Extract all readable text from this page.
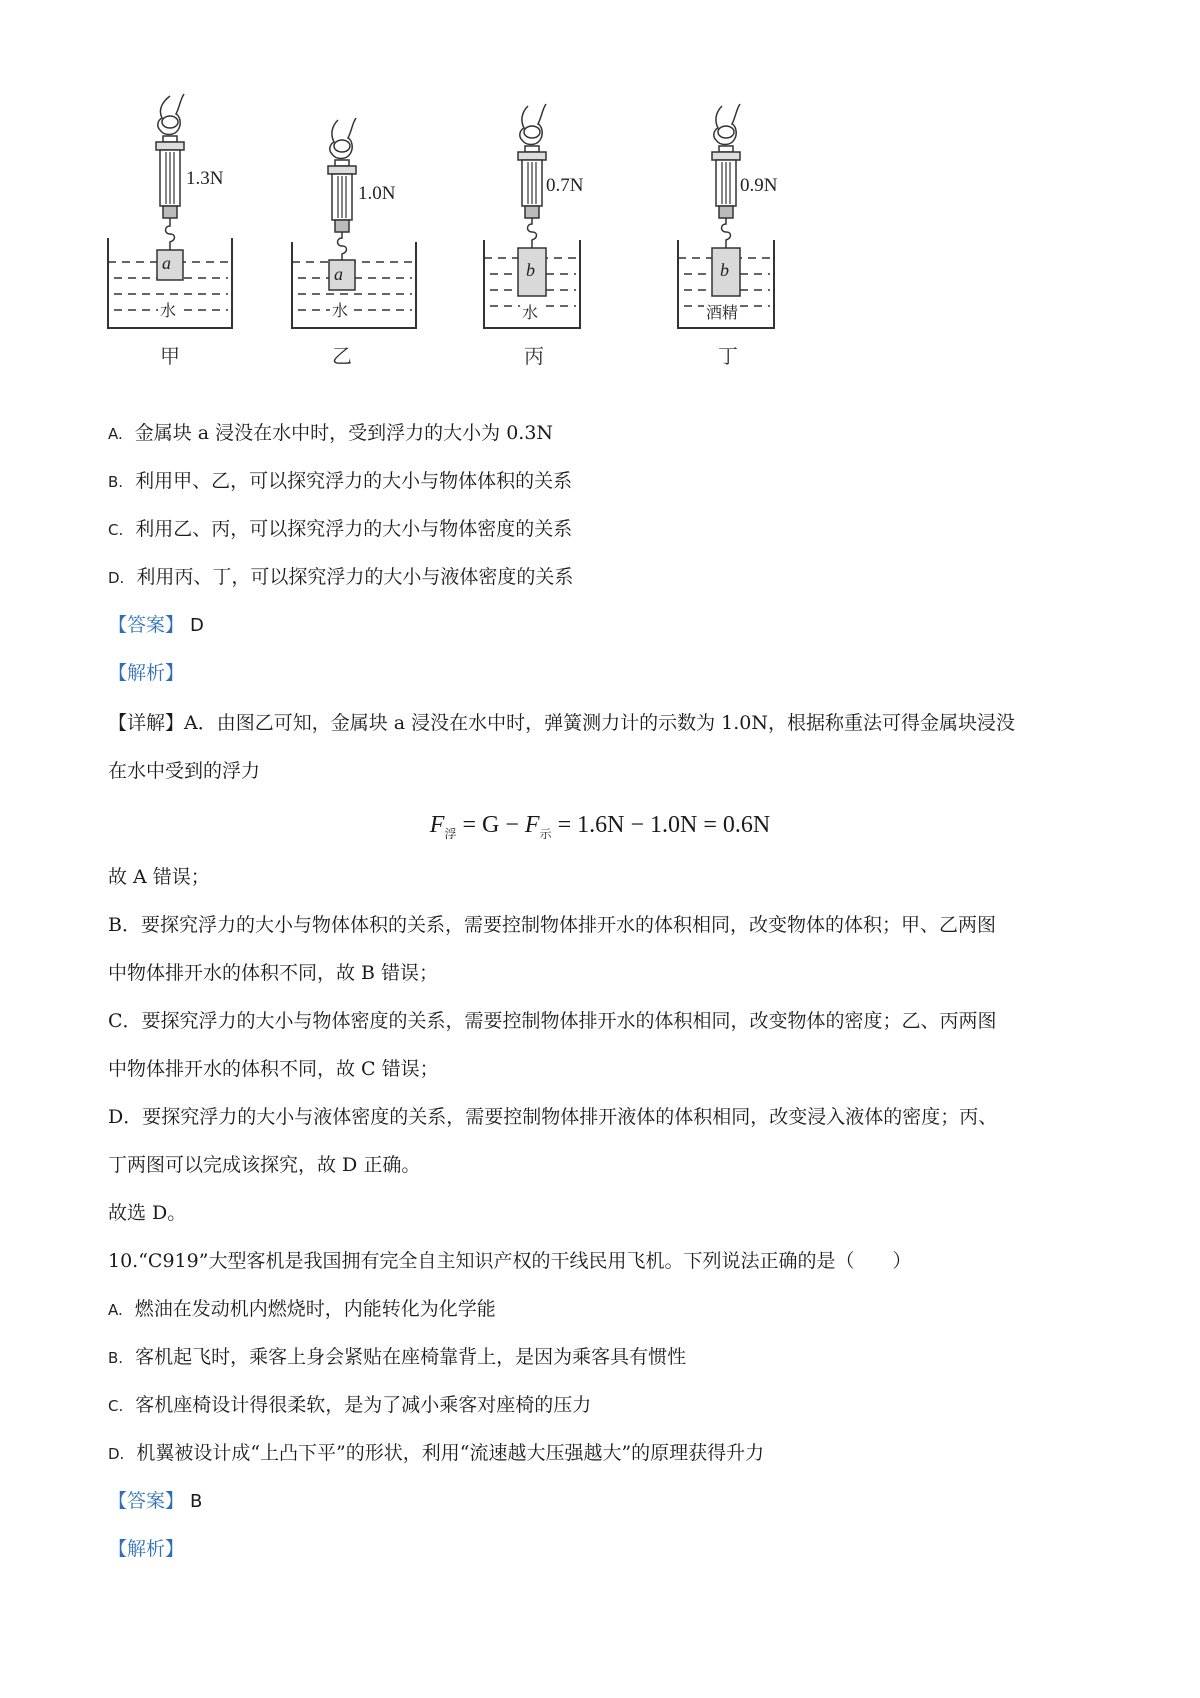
1.3N
a
水
甲
1.0N
a
水
乙
0.7N
b
水
丙
0.9N
b
酒精
丁
A. 金属块 a 浸没在水中时，受到浮力的大小为 0.3N
B. 利用甲、乙，可以探究浮力的大小与物体体积的关系
C. 利用乙、丙，可以探究浮力的大小与物体密度的关系
D. 利用丙、丁，可以探究浮力的大小与液体密度的关系
【答案】 D
【解析】
【详解】A．由图乙可知，金属块 a 浸没在水中时，弹簧测力计的示数为 1.0N，根据称重法可得金属块浸没
在水中受到的浮力
$F_浮 = G - F_示 = 1.6N - 1.0N = 0.6N$
故 A 错误；
B．要探究浮力的大小与物体体积的关系，需要控制物体排开水的体积相同，改变物体的体积；甲、乙两图
中物体排开水的体积不同，故 B 错误；
C．要探究浮力的大小与物体密度的关系，需要控制物体排开水的体积相同，改变物体的密度；乙、丙两图
中物体排开水的体积不同，故 C 错误；
D．要探究浮力的大小与液体密度的关系，需要控制物体排开液体的体积相同，改变浸入液体的密度；丙、
丁两图可以完成该探究，故 D 正确。
故选 D。
10.“C919”大型客机是我国拥有完全自主知识产权的干线民用飞机。下列说法正确的是（　　）
A. 燃油在发动机内燃烧时，内能转化为化学能
B. 客机起飞时，乘客上身会紧贴在座椅靠背上，是因为乘客具有惯性
C. 客机座椅设计得很柔软，是为了减小乘客对座椅的压力
D. 机翼被设计成“上凸下平”的形状，利用“流速越大压强越大”的原理获得升力
【答案】 B
【解析】
